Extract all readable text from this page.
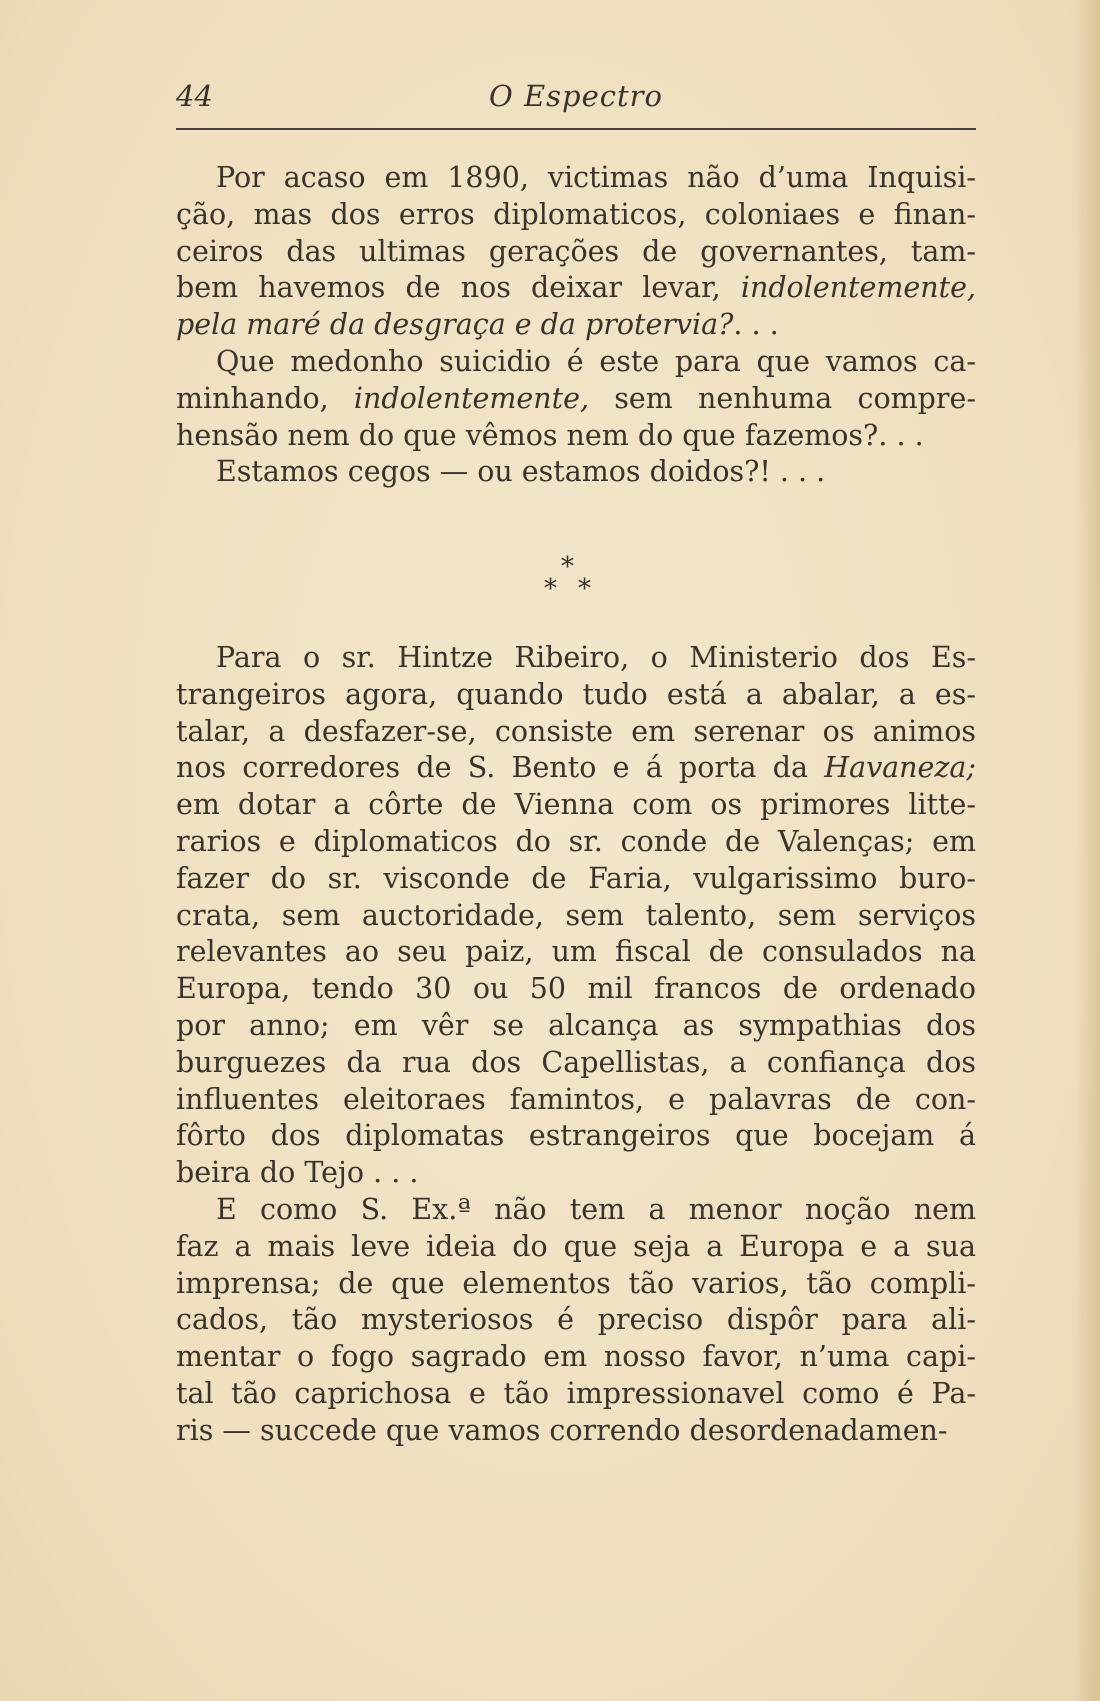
44	O Espectro
Por acaso em 1890, victimas não d’uma Inquisi-
ção, mas dos erros diplomaticos, coloniaes e finan-
ceiros das ultimas gerações de governantes, tam-
bem havemos de nos deixar levar, indolentemente,
pela maré da desgraça e da protervia?. . .
Que medonho suicidio é este para que vamos ca-
minhando, indolentemente, sem nenhuma compre-
hensão nem do que vêmos nem do que fazemos?. . .
Estamos cegos — ou estamos doidos?! . . .
*
* *
Para o sr. Hintze Ribeiro, o Ministerio dos Es-
trangeiros agora, quando tudo está a abalar, a es-
talar, a desfazer-se, consiste em serenar os animos
nos corredores de S. Bento e á porta da Havaneza;
em dotar a côrte de Vienna com os primores litte-
rarios e diplomaticos do sr. conde de Valenças; em
fazer do sr. visconde de Faria, vulgarissimo buro-
crata, sem auctoridade, sem talento, sem serviços
relevantes ao seu paiz, um fiscal de consulados na
Europa, tendo 30 ou 50 mil francos de ordenado
por anno; em vêr se alcança as sympathias dos
burguezes da rua dos Capellistas, a confiança dos
influentes eleitoraes famintos, e palavras de con-
fôrto dos diplomatas estrangeiros que bocejam á
beira do Tejo . . .
E como S. Ex.ª não tem a menor noção nem
faz a mais leve ideia do que seja a Europa e a sua
imprensa; de que elementos tão varios, tão compli-
cados, tão mysteriosos é preciso dispôr para ali-
mentar o fogo sagrado em nosso favor, n’uma capi-
tal tão caprichosa e tão impressionavel como é Pa-
ris — succede que vamos correndo desordenadamen-
